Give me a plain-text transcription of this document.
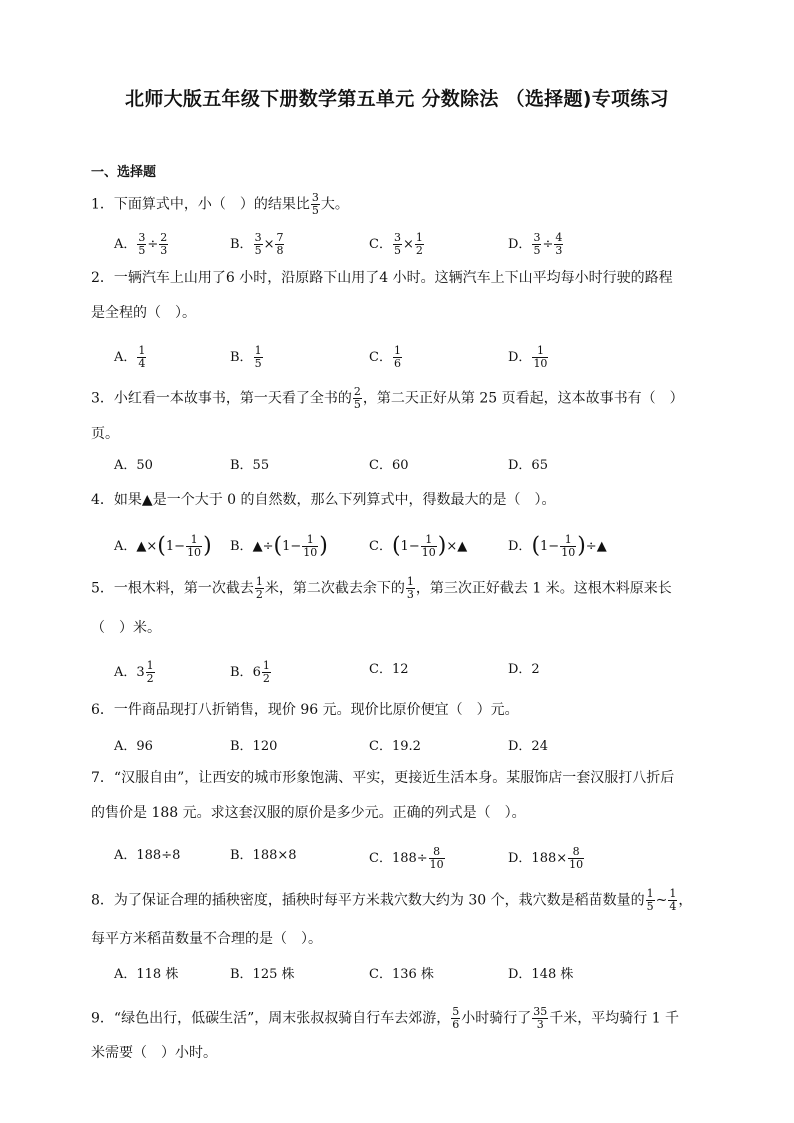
北师大版五年级下册数学第五单元 分数除法 （选择题)专项练习
一、选择题
1．下面算式中，小（　）的结果比 $\frac{3}{5}$ 大。
A． $\frac{3}{5} \div \frac{2}{3}$	B． $\frac{3}{5} \times \frac{7}{8}$	C． $\frac{3}{5} \times \frac{1}{2}$	D． $\frac{3}{5} \div \frac{4}{3}$
2．一辆汽车上山用了6 小时，沿原路下山用了4 小时。这辆汽车上下山平均每小时行驶的路程
是全程的（　）。
A． $\frac{1}{4}$	B． $\frac{1}{5}$	C． $\frac{1}{6}$	D． $\frac{1}{10}$
3．小红看一本故事书，第一天看了全书的 $\frac{2}{5}$ ，第二天正好从第 25 页看起，这本故事书有（　）
页。
A．50	B．55	C．60	D．65
4．如果▲是一个大于 0 的自然数，那么下列算式中，得数最大的是（　）。
A．▲×(1− $\frac{1}{10}$ ) B．▲÷(1− $\frac{1}{10}$ )	C．($1- \frac{1}{10}$ )×▲	D．($1- \frac{1}{10}$ )÷▲
5．一根木料，第一次截去 $\frac{1}{2}$ 米，第二次截去余下的 $\frac{1}{3}$ ，第三次正好截去 1 米。这根木料原来长
（　）米。
A．$3 \frac{1}{2}$	B．$6 \frac{1}{2}$	C．12	D．2
6．一件商品现打八折销售，现价 96 元。现价比原价便宜（　）元。
A．96	B．120	C．19.2	D．24
7．“汉服自由”，让西安的城市形象饱满、平实，更接近生活本身。某服饰店一套汉服打八折后
的售价是 188 元。求这套汉服的原价是多少元。正确的列式是（　）。
A．188÷8	B．188×8	C．$188\div \frac{8}{10}$	D．$188\times \frac{8}{10}$
8．为了保证合理的插秧密度，插秧时每平方米栽穴数大约为 30 个，栽穴数是稻苗数量的 $\frac{1}{5}$ ~ $\frac{1}{4}$ ，
每平方米稻苗数量不合理的是（　）。
A．118 株	B．125 株	C．136 株	D．148 株
9．“绿色出行，低碳生活”，周末张叔叔骑自行车去郊游， $\frac{5}{6}$ 小时骑行了 $\frac{35}{3}$ 千米，平均骑行 1 千
米需要（　）小时。
